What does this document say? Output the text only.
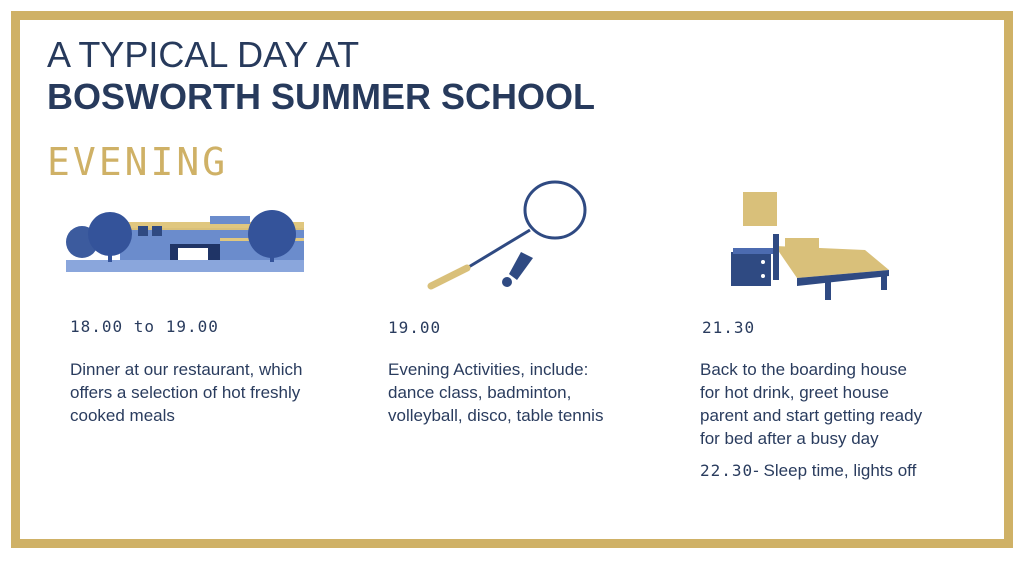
A TYPICAL DAY AT
BOSWORTH SUMMER SCHOOL
EVENING
18.00 to 19.00
Dinner at our restaurant, which
offers a selection of hot freshly
cooked meals
19.00
Evening Activities, include:
dance class, badminton,
volleyball, disco, table tennis
21.30
Back to the boarding house
for hot drink, greet house
parent and start getting ready
for bed after a busy day
22.30- Sleep time, lights off
